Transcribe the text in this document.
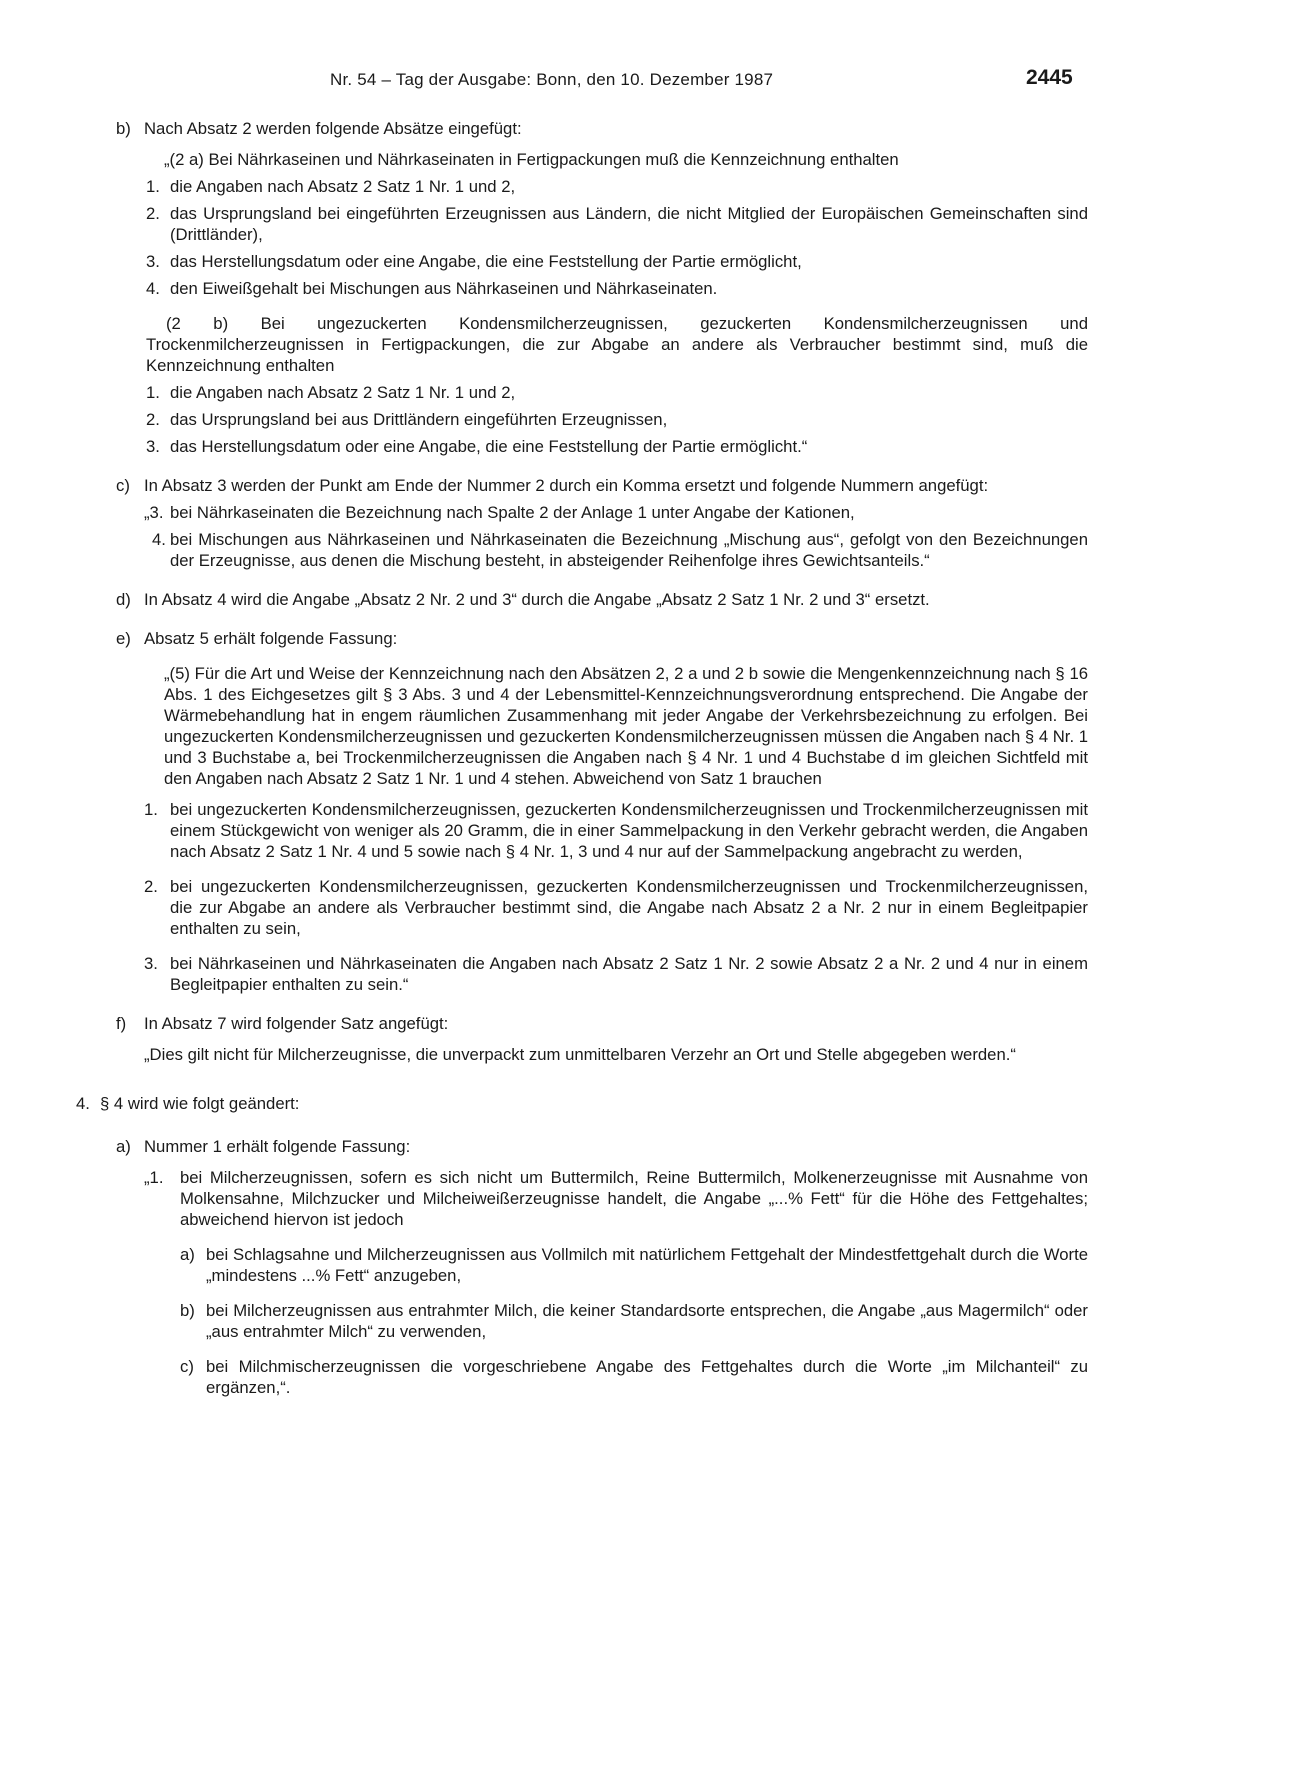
Nr. 54 – Tag der Ausgabe: Bonn, den 10. Dezember 1987	2445
b) Nach Absatz 2 werden folgende Absätze eingefügt:
„(2 a) Bei Nährkaseinen und Nährkaseinaten in Fertigpackungen muß die Kennzeichnung enthalten
1. die Angaben nach Absatz 2 Satz 1 Nr. 1 und 2,
2. das Ursprungsland bei eingeführten Erzeugnissen aus Ländern, die nicht Mitglied der Europäischen Gemeinschaften sind (Drittländer),
3. das Herstellungsdatum oder eine Angabe, die eine Feststellung der Partie ermöglicht,
4. den Eiweißgehalt bei Mischungen aus Nährkaseinen und Nährkaseinaten.
(2 b) Bei ungezuckerten Kondensmilcherzeugnissen, gezuckerten Kondensmilcherzeugnissen und Trockenmilcherzeugnissen in Fertigpackungen, die zur Abgabe an andere als Verbraucher bestimmt sind, muß die Kennzeichnung enthalten
1. die Angaben nach Absatz 2 Satz 1 Nr. 1 und 2,
2. das Ursprungsland bei aus Drittländern eingeführten Erzeugnissen,
3. das Herstellungsdatum oder eine Angabe, die eine Feststellung der Partie ermöglicht.“
c) In Absatz 3 werden der Punkt am Ende der Nummer 2 durch ein Komma ersetzt und folgende Nummern angefügt:
„3. bei Nährkaseinaten die Bezeichnung nach Spalte 2 der Anlage 1 unter Angabe der Kationen,
4. bei Mischungen aus Nährkaseinen und Nährkaseinaten die Bezeichnung „Mischung aus“, gefolgt von den Bezeichnungen der Erzeugnisse, aus denen die Mischung besteht, in absteigender Reihenfolge ihres Gewichtsanteils.“
d) In Absatz 4 wird die Angabe „Absatz 2 Nr. 2 und 3“ durch die Angabe „Absatz 2 Satz 1 Nr. 2 und 3“ ersetzt.
e) Absatz 5 erhält folgende Fassung:
„(5) Für die Art und Weise der Kennzeichnung nach den Absätzen 2, 2 a und 2 b sowie die Mengenkennzeichnung nach § 16 Abs. 1 des Eichgesetzes gilt § 3 Abs. 3 und 4 der Lebensmittel-Kennzeichnungsverordnung entsprechend. Die Angabe der Wärmebehandlung hat in engem räumlichen Zusammenhang mit jeder Angabe der Verkehrsbezeichnung zu erfolgen. Bei ungezuckerten Kondensmilcherzeugnissen und gezuckerten Kondensmilcherzeugnissen müssen die Angaben nach § 4 Nr. 1 und 3 Buchstabe a, bei Trockenmilcherzeugnissen die Angaben nach § 4 Nr. 1 und 4 Buchstabe d im gleichen Sichtfeld mit den Angaben nach Absatz 2 Satz 1 Nr. 1 und 4 stehen. Abweichend von Satz 1 brauchen
1. bei ungezuckerten Kondensmilcherzeugnissen, gezuckerten Kondensmilcherzeugnissen und Trockenmilcherzeugnissen mit einem Stückgewicht von weniger als 20 Gramm, die in einer Sammelpackung in den Verkehr gebracht werden, die Angaben nach Absatz 2 Satz 1 Nr. 4 und 5 sowie nach § 4 Nr. 1, 3 und 4 nur auf der Sammelpackung angebracht zu werden,
2. bei ungezuckerten Kondensmilcherzeugnissen, gezuckerten Kondensmilcherzeugnissen und Trockenmilcherzeugnissen, die zur Abgabe an andere als Verbraucher bestimmt sind, die Angabe nach Absatz 2 a Nr. 2 nur in einem Begleitpapier enthalten zu sein,
3. bei Nährkaseinen und Nährkaseinaten die Angaben nach Absatz 2 Satz 1 Nr. 2 sowie Absatz 2 a Nr. 2 und 4 nur in einem Begleitpapier enthalten zu sein.“
f) In Absatz 7 wird folgender Satz angefügt:
„Dies gilt nicht für Milcherzeugnisse, die unverpackt zum unmittelbaren Verzehr an Ort und Stelle abgegeben werden.“
4. § 4 wird wie folgt geändert:
a) Nummer 1 erhält folgende Fassung:
„1. bei Milcherzeugnissen, sofern es sich nicht um Buttermilch, Reine Buttermilch, Molkenerzeugnisse mit Ausnahme von Molkensahne, Milchzucker und Milcheiweißerzeugnisse handelt, die Angabe „...% Fett“ für die Höhe des Fettgehaltes; abweichend hiervon ist jedoch
a) bei Schlagsahne und Milcherzeugnissen aus Vollmilch mit natürlichem Fettgehalt der Mindestfettgehalt durch die Worte „mindestens ...% Fett“ anzugeben,
b) bei Milcherzeugnissen aus entrahmter Milch, die keiner Standardsorte entsprechen, die Angabe „aus Magermilch“ oder „aus entrahmter Milch“ zu verwenden,
c) bei Milchmischerzeugnissen die vorgeschriebene Angabe des Fettgehaltes durch die Worte „im Milchanteil“ zu ergänzen,“.
